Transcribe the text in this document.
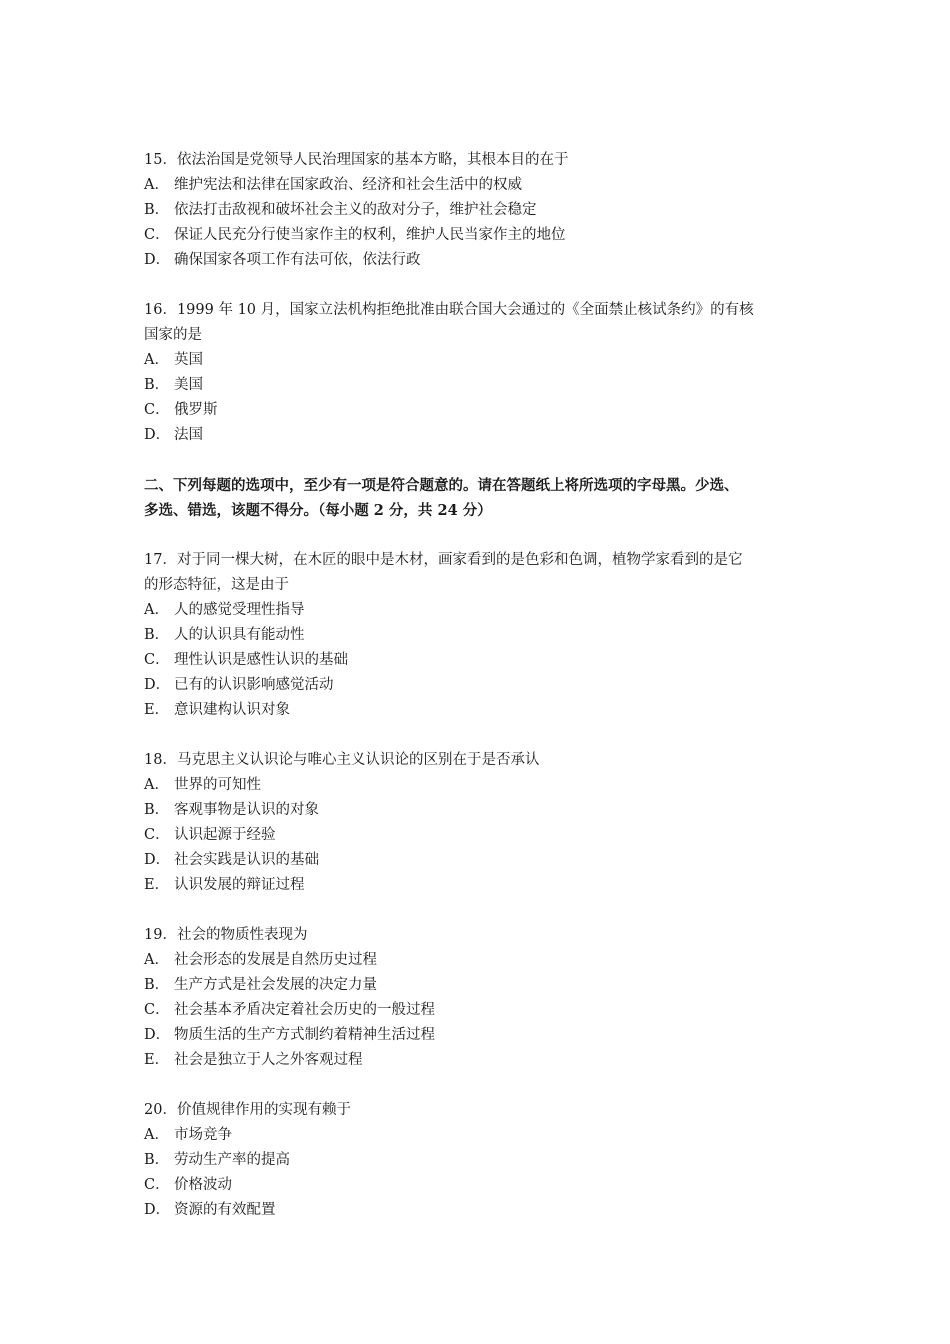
15．依法治国是党领导人民治理国家的基本方略，其根本目的在于
A． 维护宪法和法律在国家政治、经济和社会生活中的权威
B． 依法打击敌视和破坏社会主义的敌对分子，维护社会稳定
C． 保证人民充分行使当家作主的权利，维护人民当家作主的地位
D． 确保国家各项工作有法可依，依法行政
16．1999 年 10 月，国家立法机构拒绝批准由联合国大会通过的《全面禁止核试条约》的有核
国家的是
A． 英国
B． 美国
C． 俄罗斯
D． 法国
二、下列每题的选项中，至少有一项是符合题意的。请在答题纸上将所选项的字母黑。少选、
多选、错选，该题不得分。（每小题 2 分，共 24 分）
17．对于同一棵大树，在木匠的眼中是木材，画家看到的是色彩和色调，植物学家看到的是它
的形态特征，这是由于
A． 人的感觉受理性指导
B． 人的认识具有能动性
C． 理性认识是感性认识的基础
D． 已有的认识影响感觉活动
E． 意识建构认识对象
18．马克思主义认识论与唯心主义认识论的区别在于是否承认
A． 世界的可知性
B． 客观事物是认识的对象
C． 认识起源于经验
D． 社会实践是认识的基础
E． 认识发展的辩证过程
19．社会的物质性表现为
A． 社会形态的发展是自然历史过程
B． 生产方式是社会发展的决定力量
C． 社会基本矛盾决定着社会历史的一般过程
D． 物质生活的生产方式制约着精神生活过程
E． 社会是独立于人之外客观过程
20．价值规律作用的实现有赖于
A． 市场竞争
B． 劳动生产率的提高
C． 价格波动
D． 资源的有效配置
